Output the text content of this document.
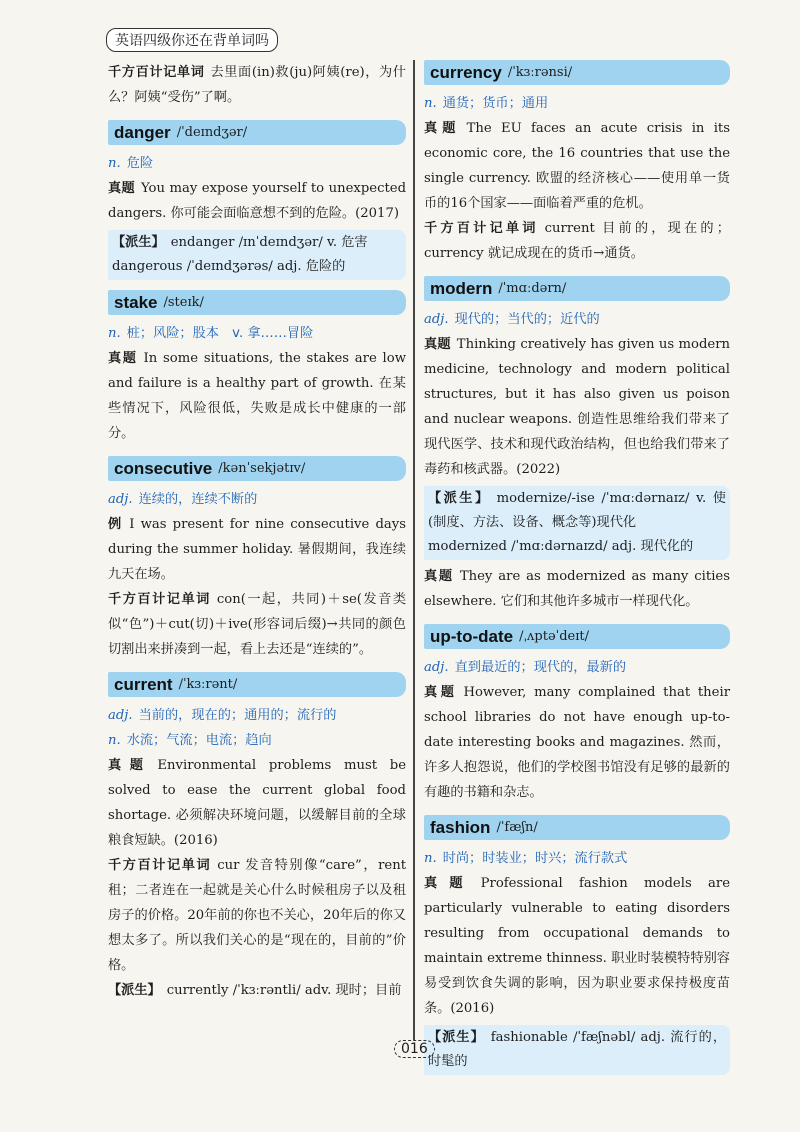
英语四级你还在背单词吗

千方百计记单词 去里面(in)救(ju)阿姨(re)，为什么？阿姨“受伤”了啊。

danger /ˈdeɪndʒər/
n. 危险

真题 You may expose yourself to unexpected dangers. 你可能会面临意想不到的危险。(2017)

【派生】 endanger /ɪnˈdeɪndʒər/ v. 危害

dangerous /ˈdeɪndʒərəs/ adj. 危险的

stake /steɪk/
n. 桩；风险；股本　v. 拿……冒险

真题 In some situations, the stakes are low and failure is a healthy part of growth. 在某些情况下，风险很低，失败是成长中健康的一部分。

consecutive /kənˈsekjətɪv/
adj. 连续的，连续不断的

例 I was present for nine consecutive days during the summer holiday. 暑假期间，我连续九天在场。

千方百计记单词 con(一起，共同)＋se(发音类似“色”)＋cut(切)＋ive(形容词后缀)→共同的颜色切割出来拼凑到一起，看上去还是“连续的”。

current /ˈkɜːrənt/
adj. 当前的，现在的；通用的；流行的
n. 水流；气流；电流；趋向

真题 Environmental problems must be solved to ease the current global food shortage. 必须解决环境问题，以缓解目前的全球粮食短缺。(2016)

千方百计记单词 cur 发音特别像“care”，rent 租；二者连在一起就是关心什么时候租房子以及租房子的价格。20年前的你也不关心，20年后的你又想太多了。所以我们关心的是“现在的，目前的”价格。

【派生】 currently /ˈkɜːrəntli/ adv. 现时；目前

currency /ˈkɜːrənsi/
n. 通货；货币；通用

真题 The EU faces an acute crisis in its economic core, the 16 countries that use the single currency. 欧盟的经济核心——使用单一货币的16个国家——面临着严重的危机。

千方百计记单词 current 目前的，现在的；currency 就记成现在的货币→通货。

modern /ˈmɑːdərn/
adj. 现代的；当代的；近代的

真题 Thinking creatively has given us modern medicine, technology and modern political structures, but it has also given us poison and nuclear weapons. 创造性思维给我们带来了现代医学、技术和现代政治结构，但也给我们带来了毒药和核武器。(2022)

【派生】 modernize/-ise /ˈmɑːdərnaɪz/ v. 使(制度、方法、设备、概念等)现代化

modernized /ˈmɑːdərnaɪzd/ adj. 现代化的

真题 They are as modernized as many cities elsewhere. 它们和其他许多城市一样现代化。

up-to-date /ˌʌptəˈdeɪt/
adj. 直到最近的；现代的，最新的

真题 However, many complained that their school libraries do not have enough up-to-date interesting books and magazines. 然而，许多人抱怨说，他们的学校图书馆没有足够的最新的有趣的书籍和杂志。

fashion /ˈfæʃn/
n. 时尚；时装业；时兴；流行款式

真题 Professional fashion models are particularly vulnerable to eating disorders resulting from occupational demands to maintain extreme thinness. 职业时装模特特别容易受到饮食失调的影响，因为职业要求保持极度苗条。(2016)

【派生】 fashionable /ˈfæʃnəbl/ adj. 流行的，时髦的

016
